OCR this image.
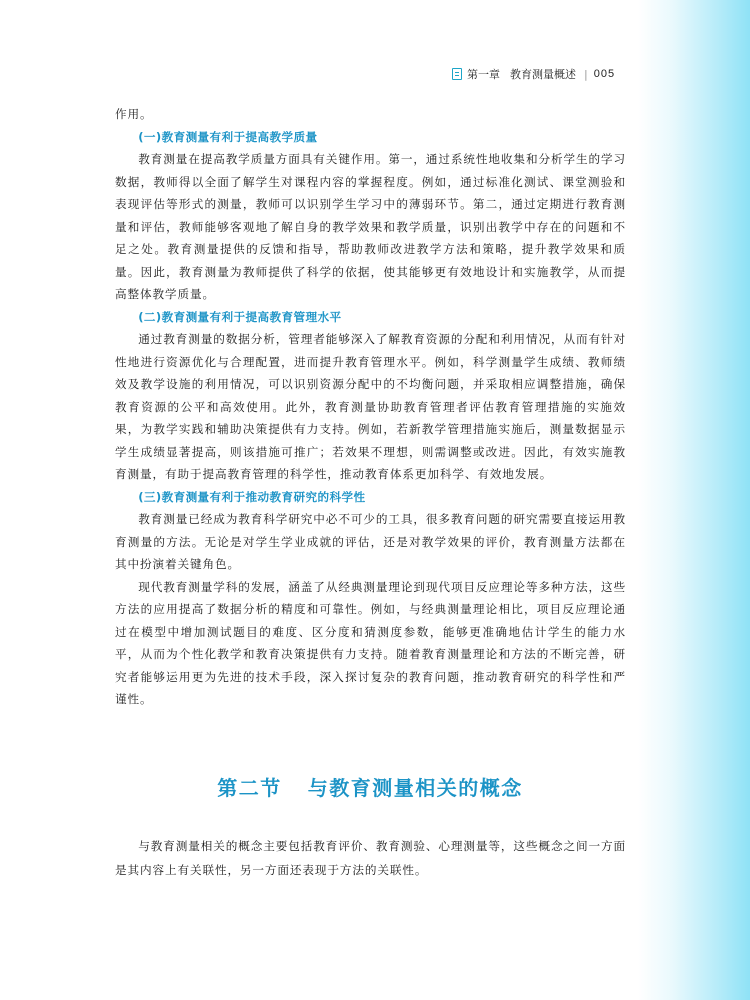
第一章 教育测量概述 | 005

作用。

(一)教育测量有利于提高教学质量

教育测量在提高教学质量方面具有关键作用。第一，通过系统性地收集和分析学生的学习数据，教师得以全面了解学生对课程内容的掌握程度。例如，通过标准化测试、课堂测验和表现评估等形式的测量，教师可以识别学生学习中的薄弱环节。第二，通过定期进行教育测量和评估，教师能够客观地了解自身的教学效果和教学质量，识别出教学中存在的问题和不足之处。教育测量提供的反馈和指导，帮助教师改进教学方法和策略，提升教学效果和质量。因此，教育测量为教师提供了科学的依据，使其能够更有效地设计和实施教学，从而提高整体教学质量。

(二)教育测量有利于提高教育管理水平

通过教育测量的数据分析，管理者能够深入了解教育资源的分配和利用情况，从而有针对性地进行资源优化与合理配置，进而提升教育管理水平。例如，科学测量学生成绩、教师绩效及教学设施的利用情况，可以识别资源分配中的不均衡问题，并采取相应调整措施，确保教育资源的公平和高效使用。此外，教育测量协助教育管理者评估教育管理措施的实施效果，为教学实践和辅助决策提供有力支持。例如，若新教学管理措施实施后，测量数据显示学生成绩显著提高，则该措施可推广；若效果不理想，则需调整或改进。因此，有效实施教育测量，有助于提高教育管理的科学性，推动教育体系更加科学、有效地发展。

(三)教育测量有利于推动教育研究的科学性

教育测量已经成为教育科学研究中必不可少的工具，很多教育问题的研究需要直接运用教育测量的方法。无论是对学生学业成就的评估，还是对教学效果的评价，教育测量方法都在其中扮演着关键角色。

现代教育测量学科的发展，涵盖了从经典测量理论到现代项目反应理论等多种方法，这些方法的应用提高了数据分析的精度和可靠性。例如，与经典测量理论相比，项目反应理论通过在模型中增加测试题目的难度、区分度和猜测度参数，能够更准确地估计学生的能力水平，从而为个性化教学和教育决策提供有力支持。随着教育测量理论和方法的不断完善，研究者能够运用更为先进的技术手段，深入探讨复杂的教育问题，推动教育研究的科学性和严谨性。

第二节 与教育测量相关的概念

与教育测量相关的概念主要包括教育评价、教育测验、心理测量等，这些概念之间一方面是其内容上有关联性，另一方面还表现于方法的关联性。
